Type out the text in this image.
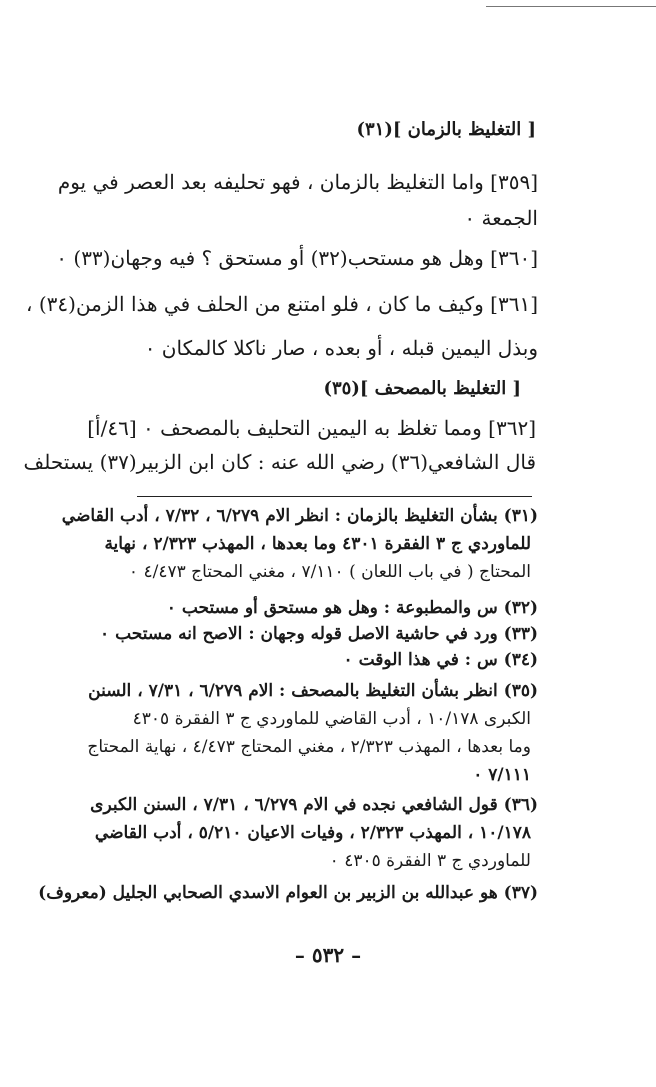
[ التغليظ بالزمان ](٣١)
[٣٥٩] واما التغليظ بالزمان ، فهو تحليفه بعد العصر في يوم
الجمعة ٠
[٣٦٠] وهل هو مستحب(٣٢) أو مستحق ؟ فيه وجهان(٣٣) ٠
[٣٦١] وكيف ما كان ، فلو امتنع من الحلف في هذا الزمن(٣٤) ،
وبذل اليمين قبله ، أو بعده ، صار ناكلا كالمكان ٠
[ التغليظ بالمصحف ](٣٥)
[٣٦٢] ومما تغلظ به اليمين التحليف بالمصحف ٠ [٤٦/أ]
قال الشافعي(٣٦) رضي الله عنه : كان ابن الزبير(٣٧) يستحلف
(٣١) بشأن التغليظ بالزمان : انظر الام ٦/٢٧٩ ، ٧/٣٢ ، أدب القاضي
للماوردي ج ٣ الفقرة ٤٣٠١ وما بعدها ، المهذب ٢/٣٢٣ ، نهاية
المحتاج ( في باب اللعان ) ٧/١١٠ ، مغني المحتاج ٤/٤٧٣ ٠
(٣٢) س والمطبوعة : وهل هو مستحق أو مستحب ٠
(٣٣) ورد في حاشية الاصل قوله وجهان : الاصح انه مستحب ٠
(٣٤) س : في هذا الوقت ٠
(٣٥) انظر بشأن التغليظ بالمصحف : الام ٦/٢٧٩ ، ٧/٣١ ، السنن
الكبرى ١٠/١٧٨ ، أدب القاضي للماوردي ج ٣ الفقرة ٤٣٠٥
وما بعدها ، المهذب ٢/٣٢٣ ، مغني المحتاج ٤/٤٧٣ ، نهاية المحتاج
٧/١١١ ٠
(٣٦) قول الشافعي نجده في الام ٦/٢٧٩ ، ٧/٣١ ، السنن الكبرى
١٠/١٧٨ ، المهذب ٢/٣٢٣ ، وفيات الاعيان ٥/٢١٠ ، أدب القاضي
للماوردي ج ٣ الفقرة ٤٣٠٥ ٠
(٣٧) هو عبدالله بن الزبير بن العوام الاسدي الصحابي الجليل (معروف)
– ٥٣٢ –
